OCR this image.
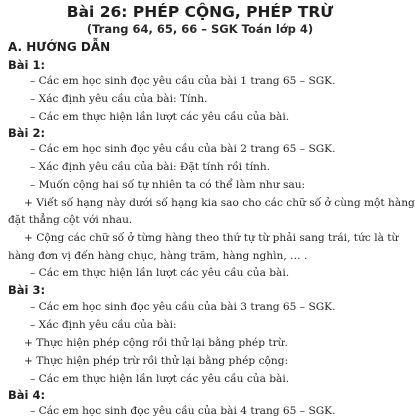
Bài 26: PHÉP CỘNG, PHÉP TRỪ
(Trang 64, 65, 66 – SGK Toán lớp 4)
A. HƯỚNG DẪN
Bài 1:
– Các em học sinh đọc yêu cầu của bài 1 trang 65 – SGK.
– Xác định yêu cầu của bài: Tính.
– Các em thực hiện lần lượt các yêu cầu của bài.
Bài 2:
– Các em học sinh đọc yêu cầu của bài 2 trang 65 – SGK.
– Xác định yêu cầu của bài: Đặt tính rồi tính.
– Muốn cộng hai số tự nhiên ta có thể làm như sau:
+ Viết số hạng này dưới số hạng kia sao cho các chữ số ở cùng một hàng
đặt thẳng cột với nhau.
+ Cộng các chữ số ở từng hàng theo thứ tự từ phải sang trái, tức là từ
hàng đơn vị đến hàng chục, hàng trăm, hàng nghìn, … .
– Các em thực hiện lần lượt các yêu cầu của bài.
Bài 3:
– Các em học sinh đọc yêu cầu của bài 3 trang 65 – SGK.
– Xác định yêu cầu của bài:
+ Thực hiện phép cộng rồi thử lại bằng phép trừ.
+ Thực hiện phép trừ rồi thử lại bằng phép cộng:
– Các em thực hiện lần lượt các yêu cầu của bài.
Bài 4:
– Các em học sinh đọc yêu cầu của bài 4 trang 65 – SGK.
